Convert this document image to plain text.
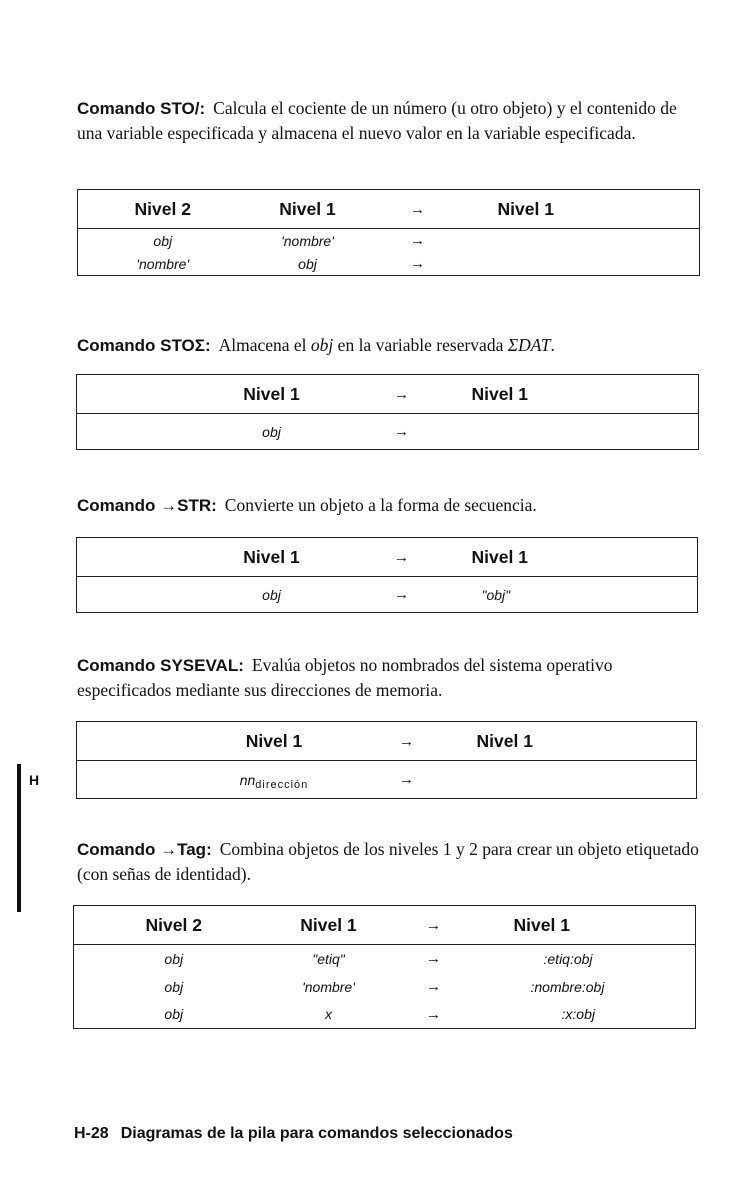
Comando STO/: Calcula el cociente de un número (u otro objeto) y el contenido de una variable especificada y almacena el nuevo valor en la variable especificada.

Nivel 2	Nivel 1	→	Nivel 1
obj	'nombre'	→	
'nombre'	obj	→	

Comando STOΣ: Almacena el obj en la variable reservada ΣDAT.

	Nivel 1	→	Nivel 1
	obj	→	

Comando →STR: Convierte un objeto a la forma de secuencia.

	Nivel 1	→	Nivel 1
	obj	→	"obj"

Comando SYSEVAL: Evalúa objetos no nombrados del sistema operativo especificados mediante sus direcciones de memoria.

	Nivel 1	→	Nivel 1
	$nn_{dirección}$	→	
H

Comando →Tag: Combina objetos de los niveles 1 y 2 para crear un objeto etiquetado (con señas de identidad).

Nivel 2	Nivel 1	→	Nivel 1
obj	"etiq"	→	:etiq:obj
obj	'nombre'	→	:nombre:obj
obj	x	→	:x:obj
H-28 Diagramas de la pila para comandos seleccionados
